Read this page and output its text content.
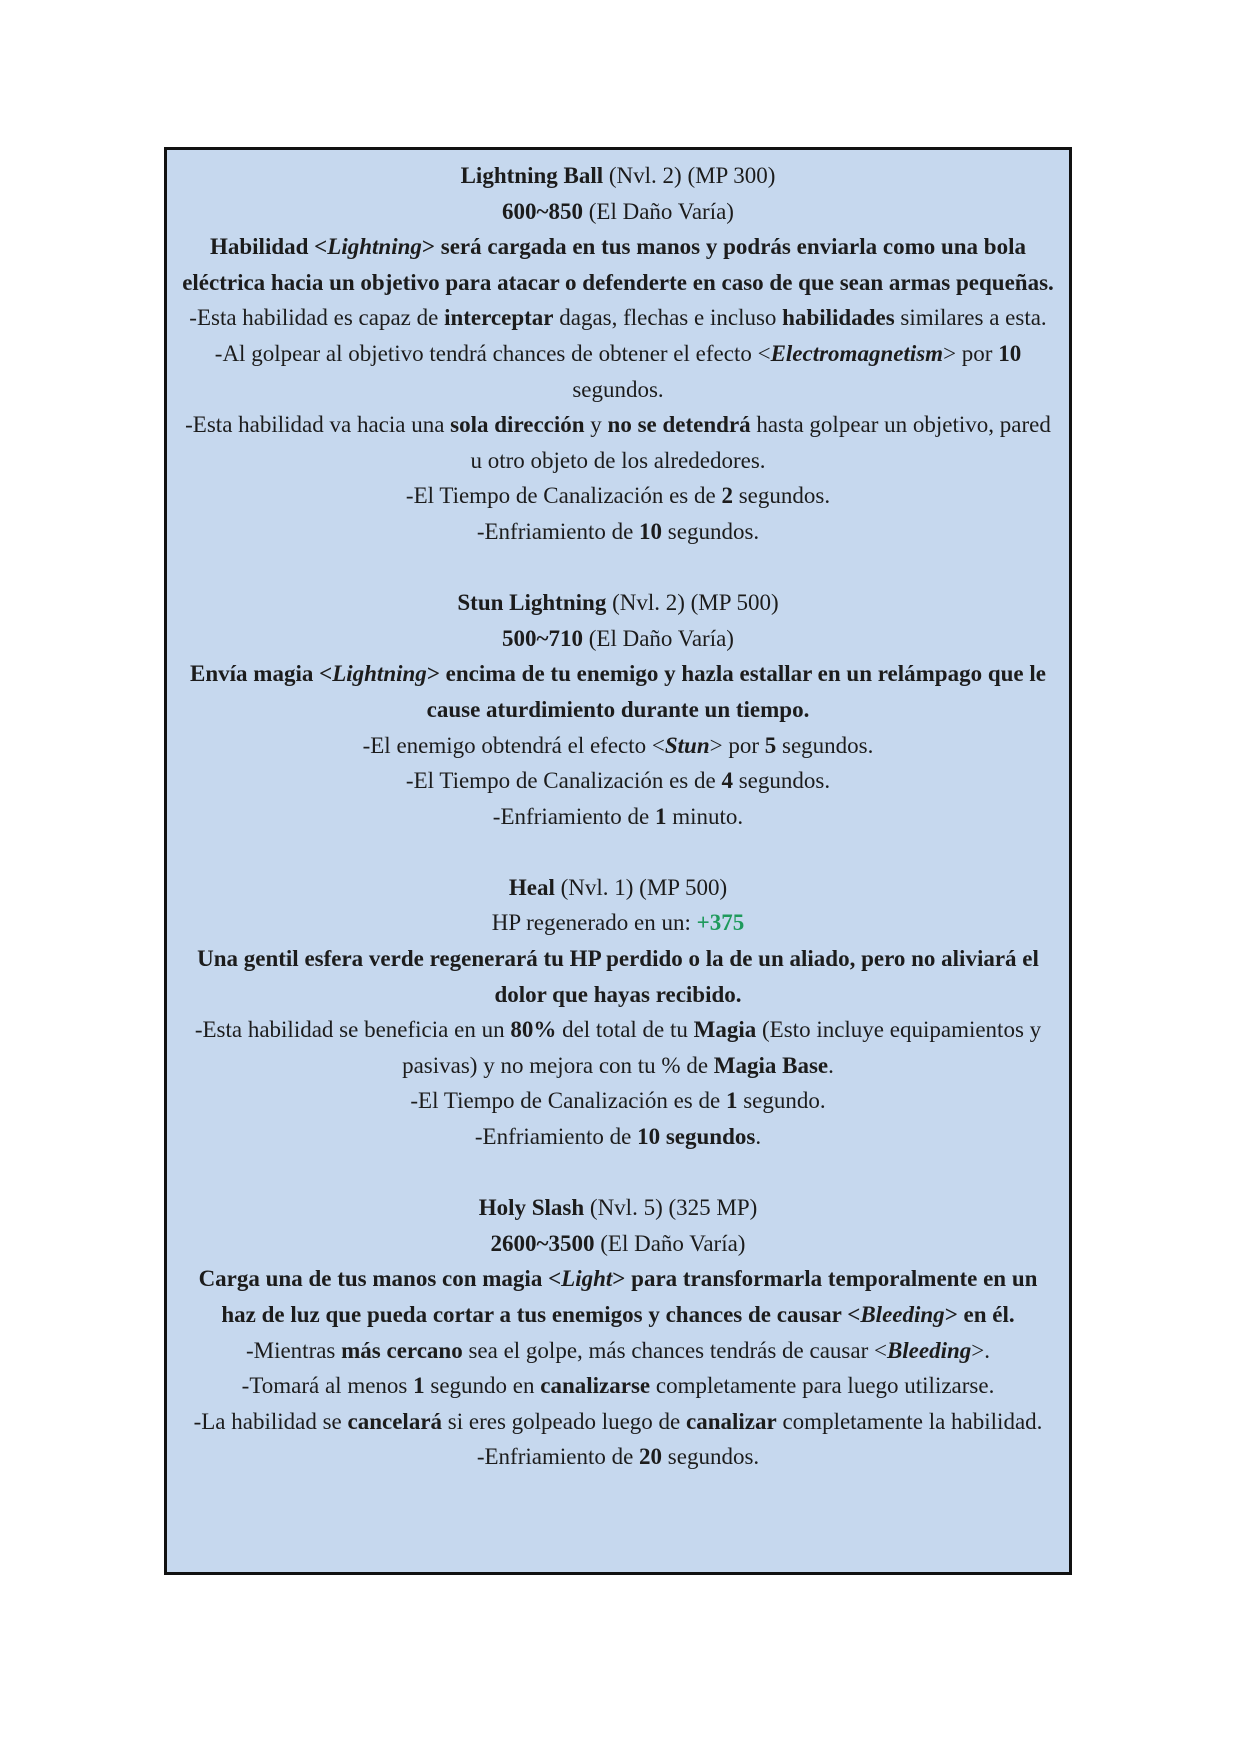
Lightning Ball (Nvl. 2) (MP 300)

600~850 (El Daño Varía)

Habilidad <Lightning> será cargada en tus manos y podrás enviarla como una bola eléctrica hacia un objetivo para atacar o defenderte en caso de que sean armas pequeñas.

-Esta habilidad es capaz de interceptar dagas, flechas e incluso habilidades similares a esta.

-Al golpear al objetivo tendrá chances de obtener el efecto <Electromagnetism> por 10 segundos.

-Esta habilidad va hacia una sola dirección y no se detendrá hasta golpear un objetivo, pared u otro objeto de los alrededores.

-El Tiempo de Canalización es de 2 segundos.

-Enfriamiento de 10 segundos.

Stun Lightning (Nvl. 2) (MP 500)

500~710 (El Daño Varía)

Envía magia <Lightning> encima de tu enemigo y hazla estallar en un relámpago que le cause aturdimiento durante un tiempo.

-El enemigo obtendrá el efecto <Stun> por 5 segundos.

-El Tiempo de Canalización es de 4 segundos.

-Enfriamiento de 1 minuto.

Heal (Nvl. 1) (MP 500)

HP regenerado en un: +375

Una gentil esfera verde regenerará tu HP perdido o la de un aliado, pero no aliviará el dolor que hayas recibido.

-Esta habilidad se beneficia en un 80% del total de tu Magia (Esto incluye equipamientos y pasivas) y no mejora con tu % de Magia Base.

-El Tiempo de Canalización es de 1 segundo.

-Enfriamiento de 10 segundos.

Holy Slash (Nvl. 5) (325 MP)

2600~3500 (El Daño Varía)

Carga una de tus manos con magia <Light> para transformarla temporalmente en un haz de luz que pueda cortar a tus enemigos y chances de causar <Bleeding> en él.

-Mientras más cercano sea el golpe, más chances tendrás de causar <Bleeding>.

-Tomará al menos 1 segundo en canalizarse completamente para luego utilizarse.

-La habilidad se cancelará si eres golpeado luego de canalizar completamente la habilidad.

-Enfriamiento de 20 segundos.
